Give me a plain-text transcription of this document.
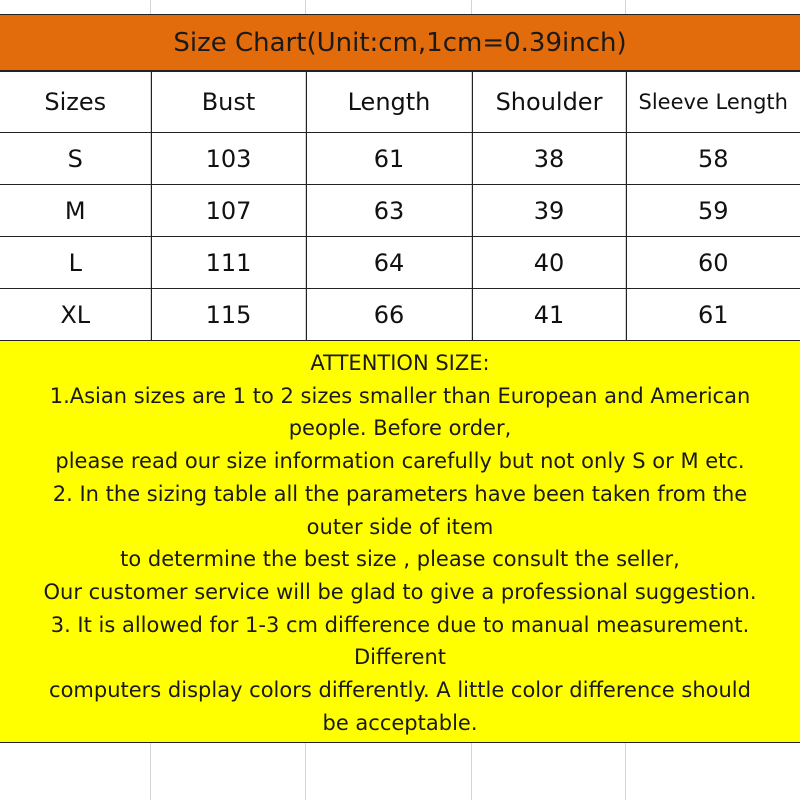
Size Chart(Unit:cm,1cm=0.39inch)
Sizes	Bust	Length	Shoulder	Sleeve Length
S	103	61	38	58
M	107	63	39	59
L	111	64	40	60
XL	115	66	41	61
ATTENTION SIZE:
1.Asian sizes are 1 to 2 sizes smaller than European and American
people. Before order,
please read our size information carefully but not only S or M etc.
2. In the sizing table all the parameters have been taken from the
outer side of item
to determine the best size , please consult the seller,
Our customer service will be glad to give a professional suggestion.
3. It is allowed for 1-3 cm difference due to manual measurement.
Different
computers display colors differently. A little color difference should
be acceptable.
